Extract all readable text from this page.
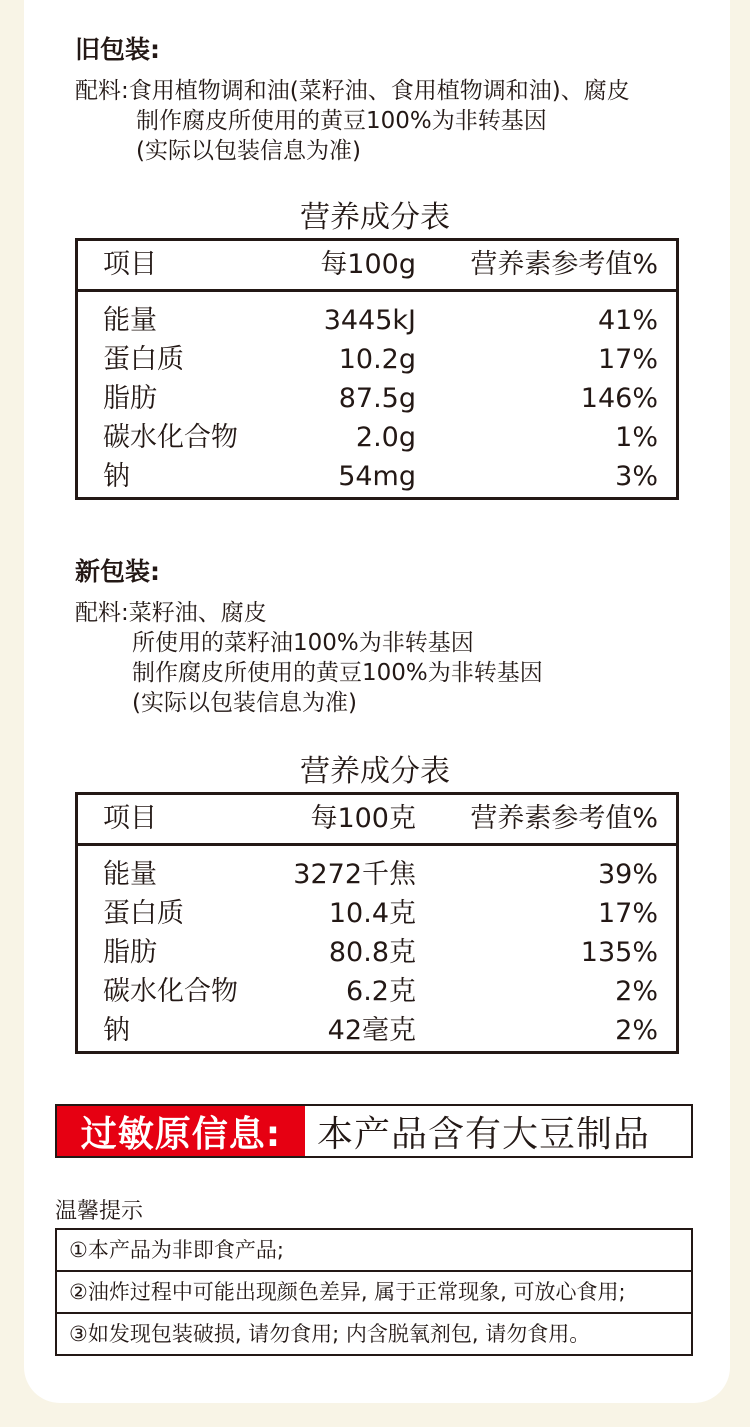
旧包装:
配料:食用植物调和油(菜籽油、食用植物调和油)、腐皮
制作腐皮所使用的黄豆100%为非转基因
(实际以包装信息为准)
营养成分表
项目	每100g 营养素参考值%
能量	3445kJ	41%
蛋白质	10.2g	17%
脂肪	87.5g	146%
碳水化合物	2.0g	1%
钠	54mg	3%
新包装:
配料:菜籽油、腐皮
所使用的菜籽油100%为非转基因
制作腐皮所使用的黄豆100%为非转基因
(实际以包装信息为准)
营养成分表
项目	每100克 营养素参考值%
能量	3272千焦	39%
蛋白质	10.4克	17%
脂肪	80.8克	135%
碳水化合物	6.2克	2%
钠	42毫克	2%
过敏原信息: 本产品含有大豆制品
温馨提示
①本产品为非即食产品;
②油炸过程中可能出现颜色差异, 属于正常现象, 可放心食用;
③如发现包装破损, 请勿食用; 内含脱氧剂包, 请勿食用。
